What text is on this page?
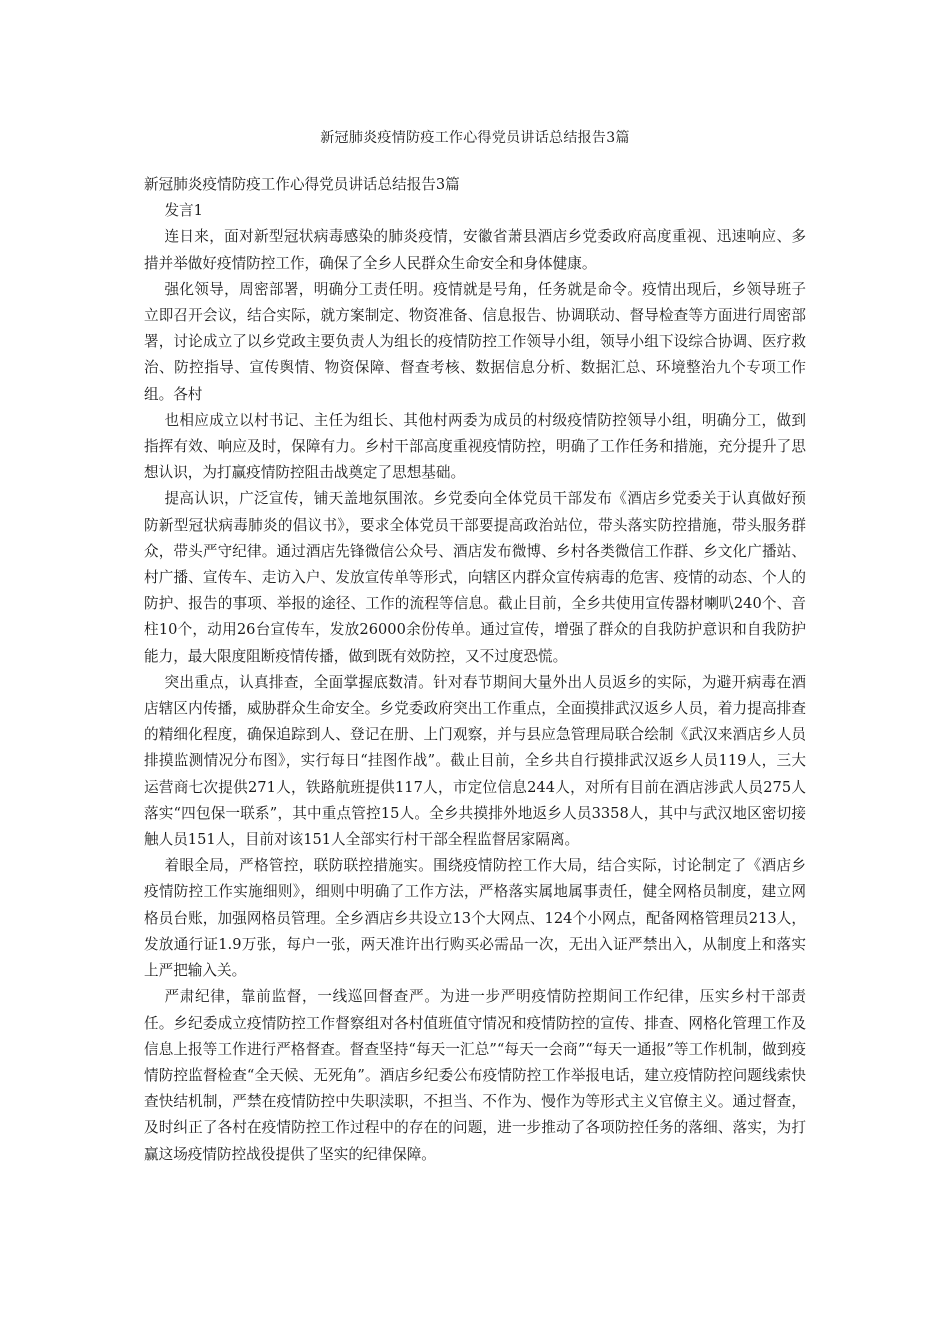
新冠肺炎疫情防疫工作心得党员讲话总结报告3篇

新冠肺炎疫情防疫工作心得党员讲话总结报告3篇

发言1

连日来，面对新型冠状病毒感染的肺炎疫情，安徽省萧县酒店乡党委政府高度重视、迅速响应、多措并举做好疫情防控工作，确保了全乡人民群众生命安全和身体健康。

强化领导，周密部署，明确分工责任明。疫情就是号角，任务就是命令。疫情出现后，乡领导班子立即召开会议，结合实际，就方案制定、物资准备、信息报告、协调联动、督导检查等方面进行周密部署，讨论成立了以乡党政主要负责人为组长的疫情防控工作领导小组，领导小组下设综合协调、医疗救治、防控指导、宣传舆情、物资保障、督查考核、数据信息分析、数据汇总、环境整治九个专项工作组。各村

也相应成立以村书记、主任为组长、其他村两委为成员的村级疫情防控领导小组，明确分工，做到指挥有效、响应及时，保障有力。乡村干部高度重视疫情防控，明确了工作任务和措施，充分提升了思想认识，为打赢疫情防控阻击战奠定了思想基础。

提高认识，广泛宣传，铺天盖地氛围浓。乡党委向全体党员干部发布《酒店乡党委关于认真做好预防新型冠状病毒肺炎的倡议书》，要求全体党员干部要提高政治站位，带头落实防控措施，带头服务群众，带头严守纪律。通过酒店先锋微信公众号、酒店发布微博、乡村各类微信工作群、乡文化广播站、村广播、宣传车、走访入户、发放宣传单等形式，向辖区内群众宣传病毒的危害、疫情的动态、个人的防护、报告的事项、举报的途径、工作的流程等信息。截止目前，全乡共使用宣传器材喇叭240个、音柱10个，动用26台宣传车，发放26000余份传单。通过宣传，增强了群众的自我防护意识和自我防护能力，最大限度阻断疫情传播，做到既有效防控，又不过度恐慌。

突出重点，认真排查，全面掌握底数清。针对春节期间大量外出人员返乡的实际，为避开病毒在酒店辖区内传播，威胁群众生命安全。乡党委政府突出工作重点，全面摸排武汉返乡人员，着力提高排查的精细化程度，确保追踪到人、登记在册、上门观察，并与县应急管理局联合绘制《武汉来酒店乡人员排摸监测情况分布图》，实行每日“挂图作战”。截止目前，全乡共自行摸排武汉返乡人员119人，三大运营商七次提供271人，铁路航班提供117人，市定位信息244人，对所有目前在酒店涉武人员275人落实“四包保一联系”，其中重点管控15人。全乡共摸排外地返乡人员3358人，其中与武汉地区密切接触人员151人，目前对该151人全部实行村干部全程监督居家隔离。

着眼全局，严格管控，联防联控措施实。围绕疫情防控工作大局，结合实际，讨论制定了《酒店乡疫情防控工作实施细则》，细则中明确了工作方法，严格落实属地属事责任，健全网格员制度，建立网格员台账，加强网格员管理。全乡酒店乡共设立13个大网点、124个小网点，配备网格管理员213人，发放通行证1.9万张，每户一张，两天准许出行购买必需品一次，无出入证严禁出入，从制度上和落实上严把输入关。

严肃纪律，靠前监督，一线巡回督查严。为进一步严明疫情防控期间工作纪律，压实乡村干部责任。乡纪委成立疫情防控工作督察组对各村值班值守情况和疫情防控的宣传、排查、网格化管理工作及信息上报等工作进行严格督查。督查坚持“每天一汇总”“每天一会商”“每天一通报”等工作机制，做到疫情防控监督检查“全天候、无死角”。酒店乡纪委公布疫情防控工作举报电话，建立疫情防控问题线索快查快结机制，严禁在疫情防控中失职渎职，不担当、不作为、慢作为等形式主义官僚主义。通过督查，及时纠正了各村在疫情防控工作过程中的存在的问题，进一步推动了各项防控任务的落细、落实，为打赢这场疫情防控战役提供了坚实的纪律保障。
